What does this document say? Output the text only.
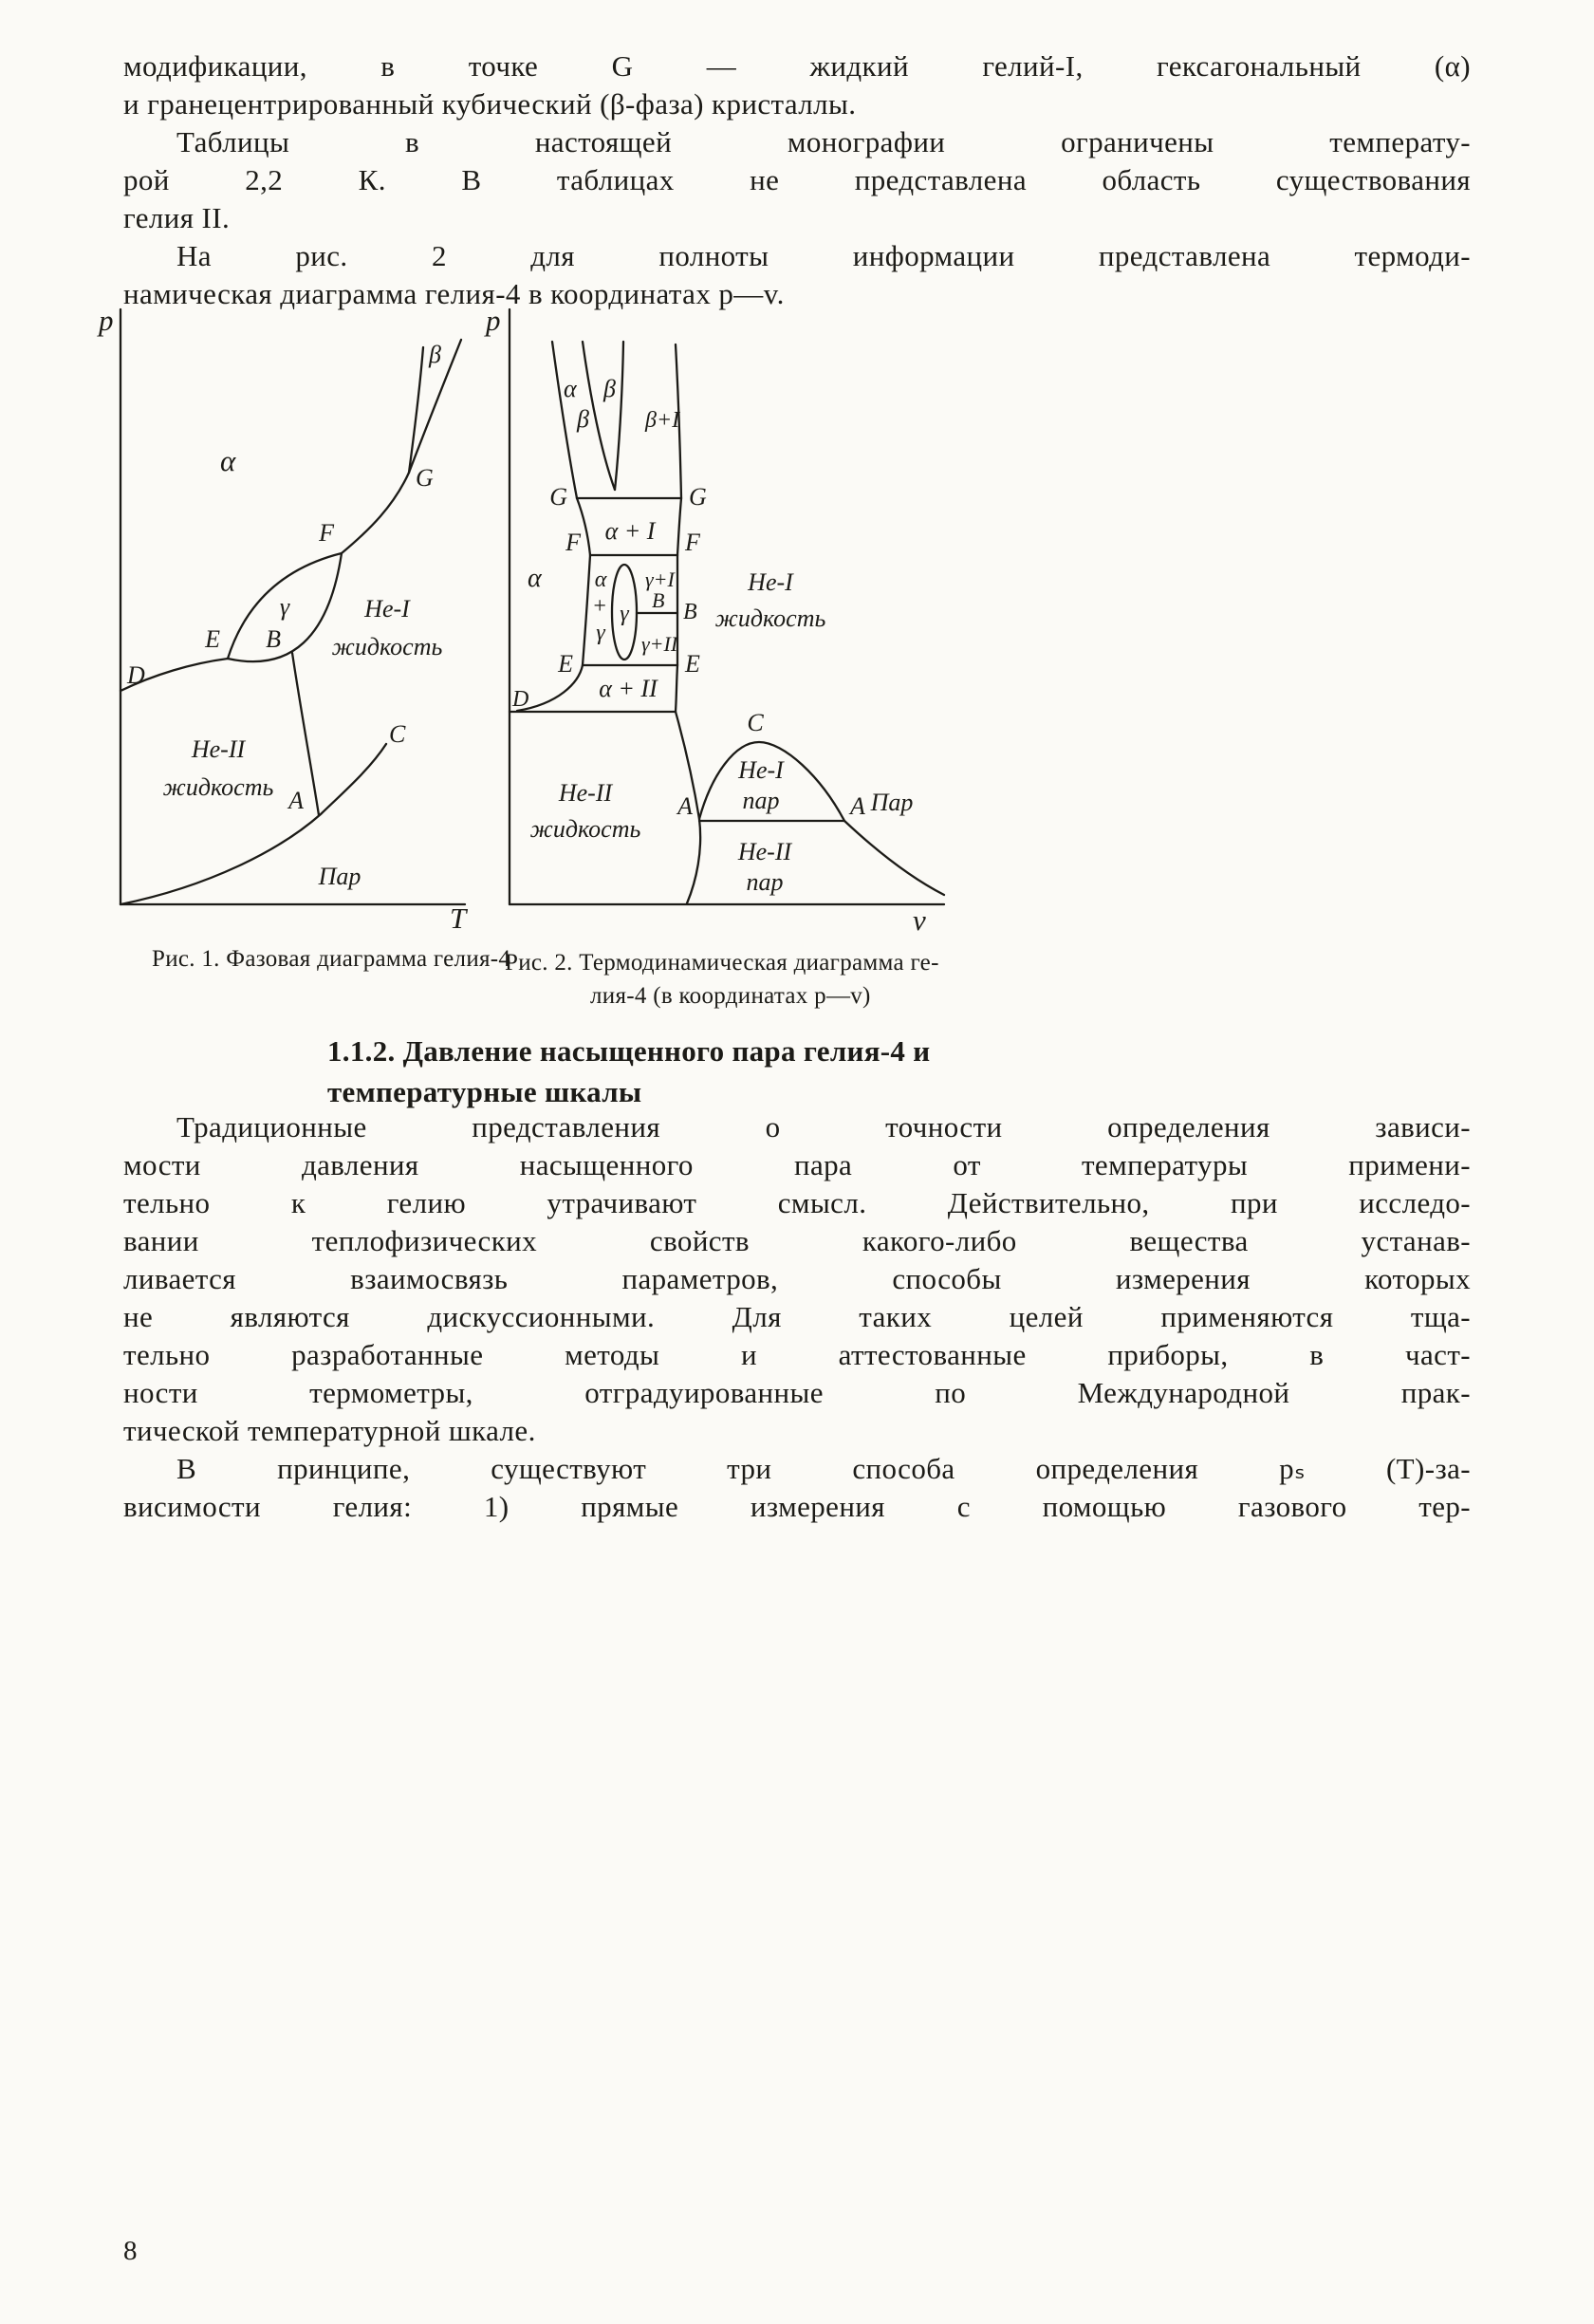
модификации, в точке G — жидкий гелий-I, гексагональный (α)
и гранецентрированный кубический (β-фаза) кристаллы.
Таблицы в настоящей монографии ограничены температу-
рой 2,2 К. В таблицах не представлена область существования
гелия II.
На рис. 2 для полноты информации представлена термоди-
намическая диаграмма гелия-4 в координатах p—v.
p
T
α
β
G
F
E B
D
C
A
γ	Не-I
жидкость
Не-II
жидкость
Пар
p
v
α β
β β+I
G	G
α + I
F	F
α
+
γ
γ
γ+I
B B
γ+II
E	E
α + II
D
α	Не-I
жидкость
Не-II
жидкость
C
A	A
Не-I
пар
Не-II
пар
Пар
Рис. 1. Фазовая диаграмма гелия-4
Рис. 2. Термодинамическая диаграмма ге-
лия-4 (в координатах p—v)
1.1.2. Давление насыщенного пара гелия-4 и
температурные шкалы
Традиционные представления о точности определения зависи-
мости давления насыщенного пара от температуры примени-
тельно к гелию утрачивают смысл. Действительно, при исследо-
вании теплофизических свойств какого-либо вещества устанав-
ливается взаимосвязь параметров, способы измерения которых
не являются дискуссионными. Для таких целей применяются тща-
тельно разработанные методы и аттестованные приборы, в част-
ности термометры, отградуированные по Международной прак-
тической температурной шкале.
В принципе, существуют три способа определения pₛ (T)-за-
висимости гелия: 1) прямые измерения с помощью газового тер-
8
